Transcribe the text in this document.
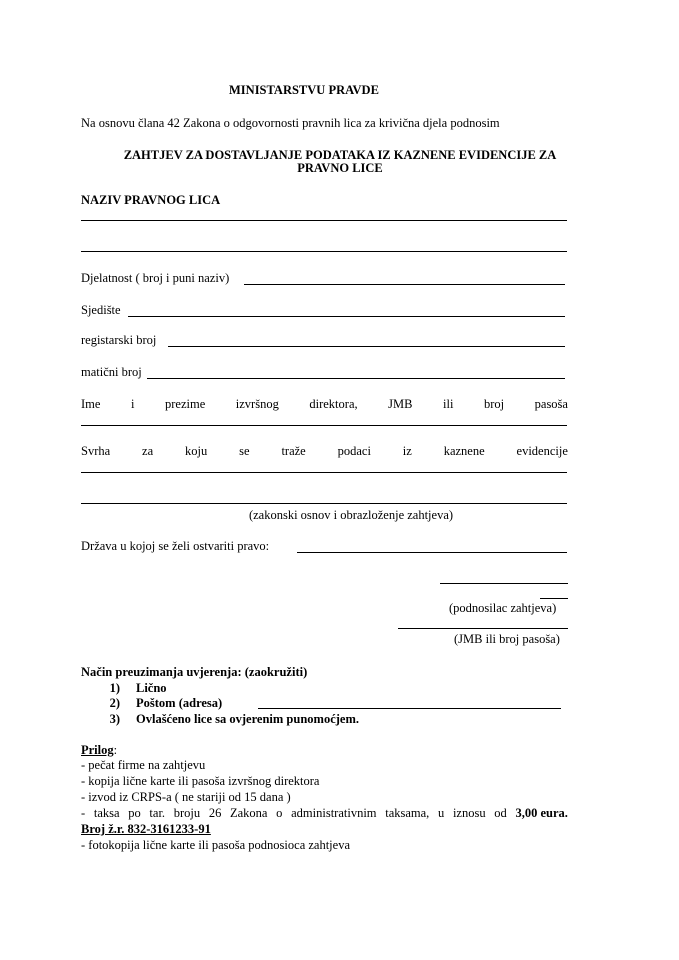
MINISTARSTVU PRAVDE
Na osnovu člana 42 Zakona o odgovornosti pravnih lica za krivična djela podnosim
ZAHTJEV ZA DOSTAVLJANJE PODATAKA IZ KAZNENE EVIDENCIJE ZA
PRAVNO LICE
NAZIV PRAVNOG LICA
Djelatnost ( broj i puni naziv)
Sjedište
registarski broj
matični broj
Ime i prezime izvršnog direktora, JMB ili broj pasoša
Svrha	za	koju	se	traže	podaci	iz	kaznene	evidencije
(zakonski osnov i obrazloženje zahtjeva)
Država u kojoj se želi ostvariti pravo:
(podnosilac zahtjeva)
(JMB ili broj pasoša)
Način preuzimanja uvjerenja: (zaokružiti)
1) Lično
2) Poštom (adresa)
3) Ovlašćeno lice sa ovjerenim punomoćjem.
Prilog:
- pečat firme na zahtjevu
- kopija lične karte ili pasoša izvršnog direktora
- izvod iz CRPS-a ( ne stariji od 15 dana )
- taksa po tar. broju 26 Zakona o administrativnim taksama, u iznosu od 3,00 eura.
Broj ž.r. 832-3161233-91
- fotokopija lične karte ili pasoša podnosioca zahtjeva
